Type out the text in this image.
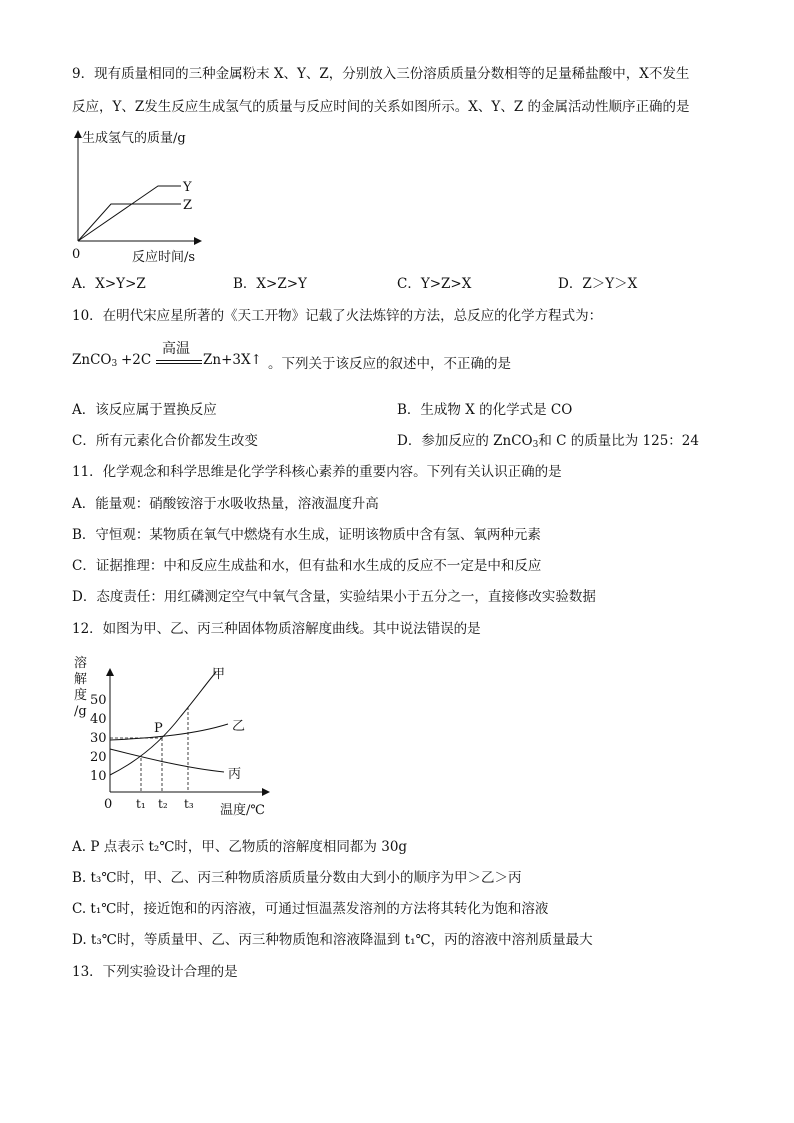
9．现有质量相同的三种金属粉末 X、Y、Z，分别放入三份溶质质量分数相等的足量稀盐酸中，X不发生
反应，Y、Z发生反应生成氢气的质量与反应时间的关系如图所示。X、Y、Z 的金属活动性顺序正确的是
生成氢气的质量/g
Y
Z
0	反应时间/s
A．X>Y>Z	B．X>Z>Y	C．Y>Z>X	D．Z＞Y＞X
10．在明代宋应星所著的《天工开物》记载了火法炼锌的方法，总反应的化学方程式为：
ZnCO$_3$ +2C
高温
Zn+3X↑ 。下列关于该反应的叙述中，不正确的是
A．该反应属于置换反应	B．生成物 X 的化学式是 CO
C．所有元素化合价都发生改变	D．参加反应的 ZnCO$_3$和 C 的质量比为 125：24
11．化学观念和科学思维是化学学科核心素养的重要内容。下列有关认识正确的是
A．能量观：硝酸铵溶于水吸收热量，溶液温度升高
B．守恒观：某物质在氧气中燃烧有水生成，证明该物质中含有氢、氧两种元素
C．证据推理：中和反应生成盐和水，但有盐和水生成的反应不一定是中和反应
D．态度责任：用红磷测定空气中氧气含量，实验结果小于五分之一，直接修改实验数据
12．如图为甲、乙、丙三种固体物质溶解度曲线。其中说法错误的是
溶
解
度
/g
50
40
30
20
10
0
甲
乙
丙
P
t₁ t₂ t₃ 温度/℃
A. P 点表示 t₂℃时，甲、乙物质的溶解度相同都为 30g
B. t₃℃时，甲、乙、丙三种物质溶质质量分数由大到小的顺序为甲＞乙＞丙
C. t₁℃时，接近饱和的丙溶液，可通过恒温蒸发溶剂的方法将其转化为饱和溶液
D. t₃℃时，等质量甲、乙、丙三种物质饱和溶液降温到 t₁℃，丙的溶液中溶剂质量最大
13．下列实验设计合理的是
